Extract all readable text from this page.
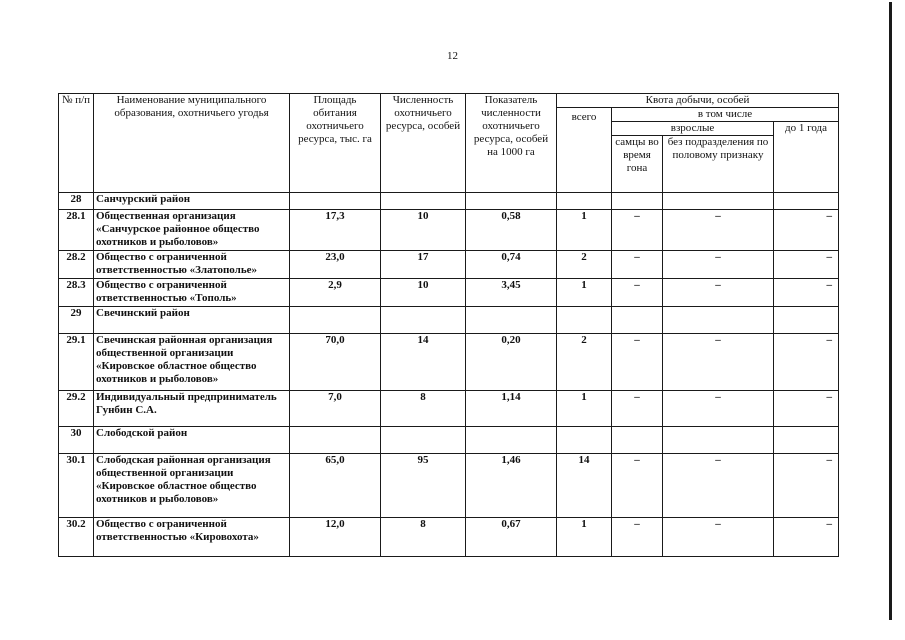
12
№ п/п	Наименование муниципального образования, охотничьего угодья	Площадь обитания охотничьего ресурса, тыс. га	Численность охотничьего ресурса, особей	Показатель численности охотничьего ресурса, особей на 1000 га	Квота добычи, особей			
					всего	в том числе		
						взрослые		до 1 года
						самцы во время гона	без подразделения по половому признаку	
28	Санчурский район							
28.1	Общественная организация «Санчурское районное общество охотников и рыболовов»	17,3	10	0,58	1	–	–	–
28.2	Общество с ограниченной ответственностью «Златополье»	23,0	17	0,74	2	–	–	–
28.3	Общество с ограниченной ответственностью «Тополь»	2,9	10	3,45	1	–	–	–
29	Свечинский район							
29.1	Свечинская районная организация общественной организации «Кировское областное общество охотников и рыболовов»	70,0	14	0,20	2	–	–	–
29.2	Индивидуальный предприниматель Гунбин С.А.	7,0	8	1,14	1	–	–	–
30	Слободской район							
30.1	Слободская районная организация общественной организации «Кировское областное общество охотников и рыболовов»	65,0	95	1,46	14	–	–	–
30.2	Общество с ограниченной ответственностью «Кировохота»	12,0	8	0,67	1	–	–	–
